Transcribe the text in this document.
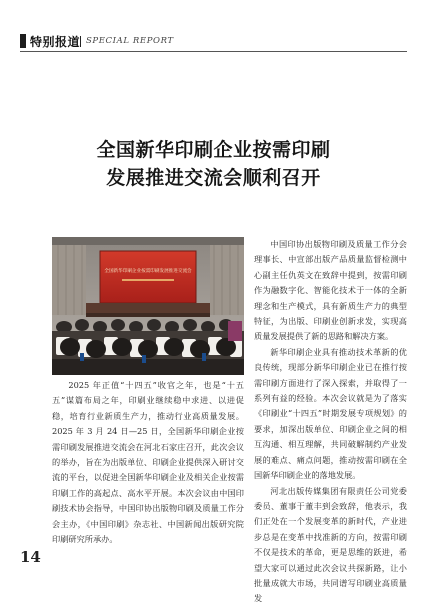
特别报道 SPECIAL REPORT
全国新华印刷企业按需印刷
发展推进交流会顺利召开
全国新华印刷企业按需印刷发展推进交流会

2025 年正值“十四五”收官之年，也是“十五五”谋篇布局之年，印刷业继续稳中求进、以进促稳，培育行业新质生产力，推动行业高质量发展。2025 年 3 月 24 日—25 日，全国新华印刷企业按需印刷发展推进交流会在河北石家庄召开，此次会议的举办，旨在为出版单位、印刷企业提供深入研讨交流的平台，以促进全国新华印刷企业及相关企业按需印刷工作的高起点、高水平开展。本次会议由中国印刷技术协会指导，中国印协出版物印刷及质量工作分会主办，《中国印刷》杂志社、中国新闻出版研究院印刷研究所承办。

中国印协出版物印刷及质量工作分会理事长、中宣部出版产品质量监督检测中心副主任仇英文在致辞中提到，按需印刷作为融数字化、智能化技术于一体的全新理念和生产模式，具有新质生产力的典型特征，为出版、印刷业创新求发，实现高质量发展提供了新的思路和解决方案。

新华印刷企业具有推动技术革新的优良传统，现部分新华印刷企业已在推行按需印刷方面进行了深入探索，并取得了一系列有益的经验。本次会议就是为了落实《印刷业“十四五”时期发展专项规划》的要求，加深出版单位、印刷企业之间的相互沟通、相互理解，共同破解制约产业发展的难点、痛点问题，推动按需印刷在全国新华印刷企业的落地发展。

河北出版传媒集团有限责任公司党委委员、董事于董丰到会致辞，他表示，我们正处在一个发展变革的新时代，产业进步总是在变革中找准新的方向，按需印刷不仅是技术的革命，更是思维的跃进，希望大家可以通过此次会议共探新路，让小批量成就大市场，共同谱写印刷业高质量发

14
